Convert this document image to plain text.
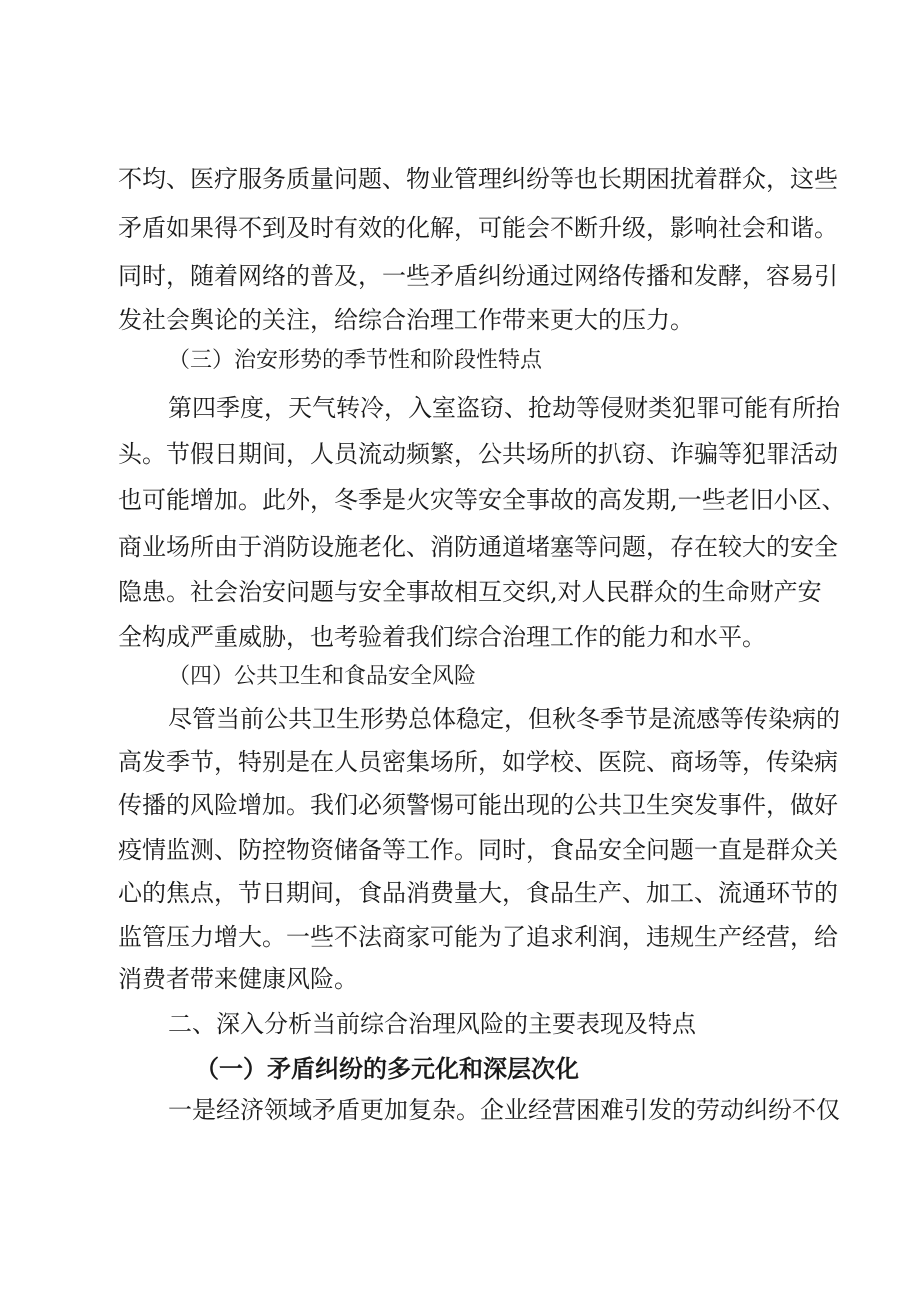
不均、医疗服务质量问题、物业管理纠纷等也长期困扰着群众，这些

矛盾如果得不到及时有效的化解，可能会不断升级，影响社会和谐。

同时，随着网络的普及，一些矛盾纠纷通过网络传播和发酵，容易引

发社会舆论的关注，给综合治理工作带来更大的压力。

（三）治安形势的季节性和阶段性特点

第四季度，天气转冷，入室盗窃、抢劫等侵财类犯罪可能有所抬

头。节假日期间，人员流动频繁，公共场所的扒窃、诈骗等犯罪活动

也可能增加。此外，冬季是火灾等安全事故的高发期,一些老旧小区、

商业场所由于消防设施老化、消防通道堵塞等问题，存在较大的安全

隐患。社会治安问题与安全事故相互交织,对人民群众的生命财产安

全构成严重威胁，也考验着我们综合治理工作的能力和水平。

（四）公共卫生和食品安全风险

尽管当前公共卫生形势总体稳定，但秋冬季节是流感等传染病的

高发季节，特别是在人员密集场所，如学校、医院、商场等，传染病

传播的风险增加。我们必须警惕可能出现的公共卫生突发事件，做好

疫情监测、防控物资储备等工作。同时，食品安全问题一直是群众关

心的焦点，节日期间，食品消费量大，食品生产、加工、流通环节的

监管压力增大。一些不法商家可能为了追求利润，违规生产经营，给

消费者带来健康风险。

二、深入分析当前综合治理风险的主要表现及特点

（一）矛盾纠纷的多元化和深层次化

一是经济领域矛盾更加复杂。企业经营困难引发的劳动纠纷不仅
